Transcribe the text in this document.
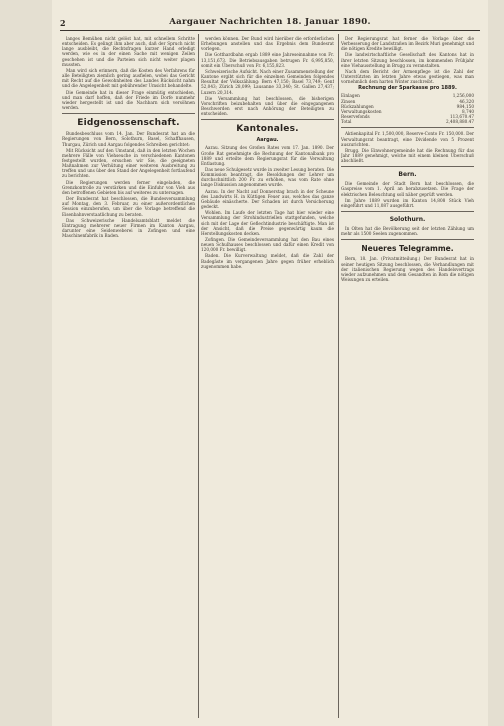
2	Aargauer Nachrichten 18. Januar 1890.

langes Bemühen nicht gelöst hat, mit schnellem Schritte entscheiden. Es gelingt ihm aber auch, daß der Spruch nicht lange ausbleibt, die Rechtsfragen kurzer Hand erledigt werden, wie es in der einen Sache mit wenigen Zeilen geschehen ist und die Parteien sich nicht weiter plagen mussten.

Man wird sich erinnern, daß die Kosten des Verfahrens für alle Beteiligten ziemlich gering ausfielen, wobei das Gericht mit Recht auf die Gewohnheiten des Landes Rücksicht nahm und die Angelegenheit mit gebührender Umsicht behandelte.

Die Gemeinde hat in dieser Frage einmütig entschieden, und man darf hoffen, daß der Friede im Dorfe nunmehr wieder hergestellt ist und die Nachbarn sich versöhnen werden.

Eidgenossenschaft.

Bundesbeschluss vom 14. Jan. Der Bundesrat hat an die Regierungen von Bern, Solothurn, Basel, Schaffhausen, Thurgau, Zürich und Aargau folgendes Schreiben gerichtet:

Mit Rücksicht auf den Umstand, daß in den letzten Wochen mehrere Fälle von Viehseuche in verschiedenen Kantonen festgestellt wurden, ersuchen wir Sie, die geeigneten Maßnahmen zur Verhütung einer weiteren Ausbreitung zu treffen und uns über den Stand der Angelegenheit fortlaufend zu berichten.

Die Regierungen werden ferner eingeladen, die Grenzkontrolle zu verstärken und die Einfuhr von Vieh aus den betroffenen Gebieten bis auf weiteres zu untersagen.

Der Bundesrat hat beschlossen, die Bundesversammlung auf Montag, den 3. Februar, zu einer außerordentlichen Session einzuberufen, um über die Vorlage betreffend die Eisenbahnverstaatlichung zu beraten.

Das Schweizerische Handelsamtsblatt meldet die Eintragung mehrerer neuer Firmen im Kanton Aargau, darunter eine Seidenweberei in Zofingen und eine Maschinenfabrik in Baden.

werden können. Der Bund wird hierüber die erforderlichen Erhebungen anstellen und das Ergebnis dem Bundesrat vorlegen.

Die Gotthardbahn ergab 1889 eine Jahreseinnahme von Fr. 13,151,673. Die Betriebsausgaben betrugen Fr. 6,995,850, somit ein Überschuß von Fr. 6,155,823.

Schweizerische Aufsicht. Nach einer Zusammenstellung der Kantone ergibt sich für die einzelnen Gemeinden folgendes Resultat der Volkszählung: Bern 47,150; Basel 73,749; Genf 52,043; Zürich 28,099; Lausanne 33,340; St. Gallen 27,437; Luzern 20,314.

Die Versammlung hat beschlossen, die bisherigen Vorschriften beizubehalten und über die eingegangenen Beschwerden erst nach Anhörung der Beteiligten zu entscheiden.

Kantonales.
Aargau.

Aarau. Sitzung des Großen Rates vom 17. Jan. 1890. Der Große Rat genehmigte die Rechnung der Kantonalbank pro 1889 und erteilte dem Regierungsrat für die Verwaltung Entlastung.

Das neue Schulgesetz wurde in zweiter Lesung beraten. Die Kommission beantragt, die Besoldungen der Lehrer um durchschnittlich 200 Fr. zu erhöhen, was vom Rate ohne lange Diskussion angenommen wurde.

Aarau. In der Nacht auf Donnerstag brach in der Scheune des Landwirts H. in Küttigen Feuer aus, welches das ganze Gebäude einäscherte. Der Schaden ist durch Versicherung gedeckt.

Wohlen. Im Laufe der letzten Tage hat hier wieder eine Versammlung der Strohindustriellen stattgefunden, welche sich mit der Lage der Geflechtindustrie beschäftigte. Man ist der Ansicht, daß die Preise gegenwärtig kaum die Herstellungskosten decken.

Zofingen. Die Gemeindeversammlung hat den Bau eines neuen Schulhauses beschlossen und dafür einen Kredit von 120,000 Fr. bewilligt.

Baden. Die Kurverwaltung meldet, daß die Zahl der Badegäste im vergangenen Jahre gegen früher erheblich zugenommen habe.

Der Regierungsrat hat ferner die Vorlage über die Verbesserung der Landstraßen im Bezirk Muri genehmigt und die nötigen Kredite bewilligt.

Die landwirtschaftliche Gesellschaft des Kantons hat in ihrer letzten Sitzung beschlossen, im kommenden Frühjahr eine Viehausstellung in Brugg zu veranstalten.

Nach dem Bericht der Armenpflege ist die Zahl der Unterstützten im letzten Jahre etwas gestiegen, was man vornehmlich dem harten Winter zuschreibt.

Rechnung der Sparkasse pro 1889.
Einlagen	1,256,000
Zinsen	46,320
Rückzahlungen	984,150
Verwaltungskosten	8,740
Reservefonds	113,670.47
Total	2,408,880.47

Aktienkapital Fr. 1,500,000, Reserve-Conto Fr. 150,000. Der Verwaltungsrat beantragt, eine Dividende von 5 Prozent auszurichten.

Brugg. Die Einwohnergemeinde hat die Rechnung für das Jahr 1889 genehmigt, welche mit einem kleinen Überschuß abschließt.

Bern.

Die Gemeinde der Stadt Bern hat beschlossen, die Gaspreise vom 1. April an herabzusetzen. Die Frage der elektrischen Beleuchtung soll näher geprüft werden.

Im Jahre 1889 wurden im Kanton 14,808 Stück Vieh eingeführt und 11,087 ausgeführt.

Solothurn.

In Olten hat die Bevölkerung seit der letzten Zählung um mehr als 1500 Seelen zugenommen.

Neueres Telegramme.

Bern, 18. Jan. (Privatmitteilung.) Der Bundesrat hat in seiner heutigen Sitzung beschlossen, die Verhandlungen mit der italienischen Regierung wegen des Handelsvertrags wieder aufzunehmen und dem Gesandten in Rom die nötigen Weisungen zu erteilen.
